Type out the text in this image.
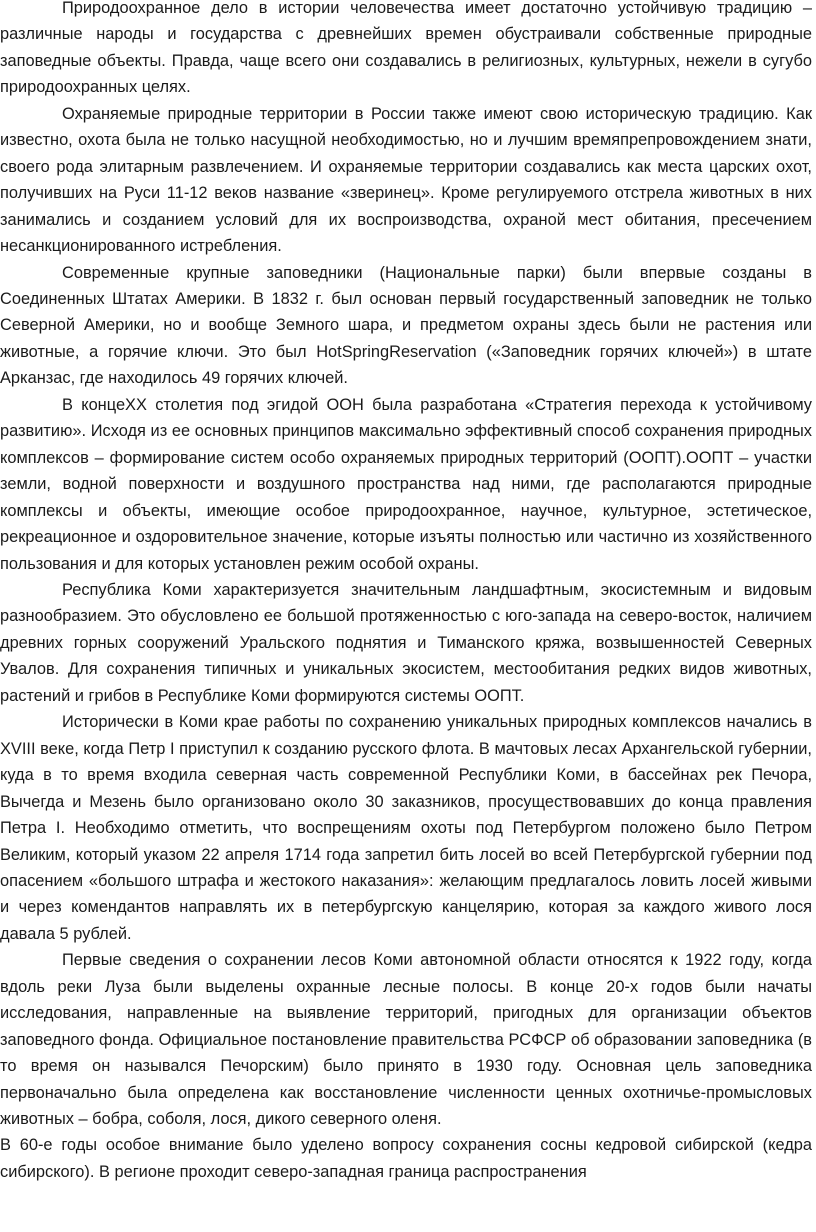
Природоохранное дело в истории человечества имеет достаточно устойчивую традицию – различные народы и государства с древнейших времен обустраивали собственные природные заповедные объекты. Правда, чаще всего они создавались в религиозных, культурных, нежели в сугубо природоохранных целях.

Охраняемые природные территории в России также имеют свою историческую традицию. Как известно, охота была не только насущной необходимостью, но и лучшим времяпрепровождением знати, своего рода элитарным развлечением. И охраняемые территории создавались как места царских охот, получивших на Руси 11-12 веков название «зверинец». Кроме регулируемого отстрела животных в них занимались и созданием условий для их воспроизводства, охраной мест обитания, пресечением несанкционированного истребления.

Современные крупные заповедники (Национальные парки) были впервые созданы в Соединенных Штатах Америки. В 1832 г. был основан первый государственный заповедник не только Северной Америки, но и вообще Земного шара, и предметом охраны здесь были не растения или животные, а горячие ключи. Это был HotSpringReservation («Заповедник горячих ключей») в штате Арканзас, где находилось 49 горячих ключей.

В концеXX столетия под эгидой ООН была разработана «Стратегия перехода к устойчивому развитию». Исходя из ее основных принципов максимально эффективный способ сохранения природных комплексов – формирование систем особо охраняемых природных территорий (ООПТ).ООПТ – участки земли, водной поверхности и воздушного пространства над ними, где располагаются природные комплексы и объекты, имеющие особое природоохранное, научное, культурное, эстетическое, рекреационное и оздоровительное значение, которые изъяты полностью или частично из хозяйственного пользования и для которых установлен режим особой охраны.

Республика Коми характеризуется значительным ландшафтным, экосистемным и видовым разнообразием. Это обусловлено ее большой протяженностью с юго-запада на северо-восток, наличием древних горных сооружений Уральского поднятия и Тиманского кряжа, возвышенностей Северных Увалов. Для сохранения типичных и уникальных экосистем, местообитания редких видов животных, растений и грибов в Республике Коми формируются системы ООПТ.

Исторически в Коми крае работы по сохранению уникальных природных комплексов начались в XVIII веке, когда Петр I приступил к созданию русского флота. В мачтовых лесах Архангельской губернии, куда в то время входила северная часть современной Республики Коми, в бассейнах рек Печора, Вычегда и Мезень было организовано около 30 заказников, просуществовавших до конца правления Петра I. Необходимо отметить, что воспрещениям охоты под Петербургом положено было Петром Великим, который указом 22 апреля 1714 года запретил бить лосей во всей Петербургской губернии под опасением «большого штрафа и жестокого наказания»: желающим предлагалось ловить лосей живыми и через комендантов направлять их в петербургскую канцелярию, которая за каждого живого лося давала 5 рублей.

Первые сведения о сохранении лесов Коми автономной области относятся к 1922 году, когда вдоль реки Луза были выделены охранные лесные полосы. В конце 20-х годов были начаты исследования, направленные на выявление территорий, пригодных для организации объектов заповедного фонда. Официальное постановление правительства РСФСР об образовании заповедника (в то время он назывался Печорским) было принято в 1930 году. Основная цель заповедника первоначально была определена как восстановление численности ценных охотничье-промысловых животных – бобра, соболя, лося, дикого северного оленя.

В 60-е годы особое внимание было уделено вопросу сохранения сосны кедровой сибирской (кедра сибирского). В регионе проходит северо-западная граница распространения
